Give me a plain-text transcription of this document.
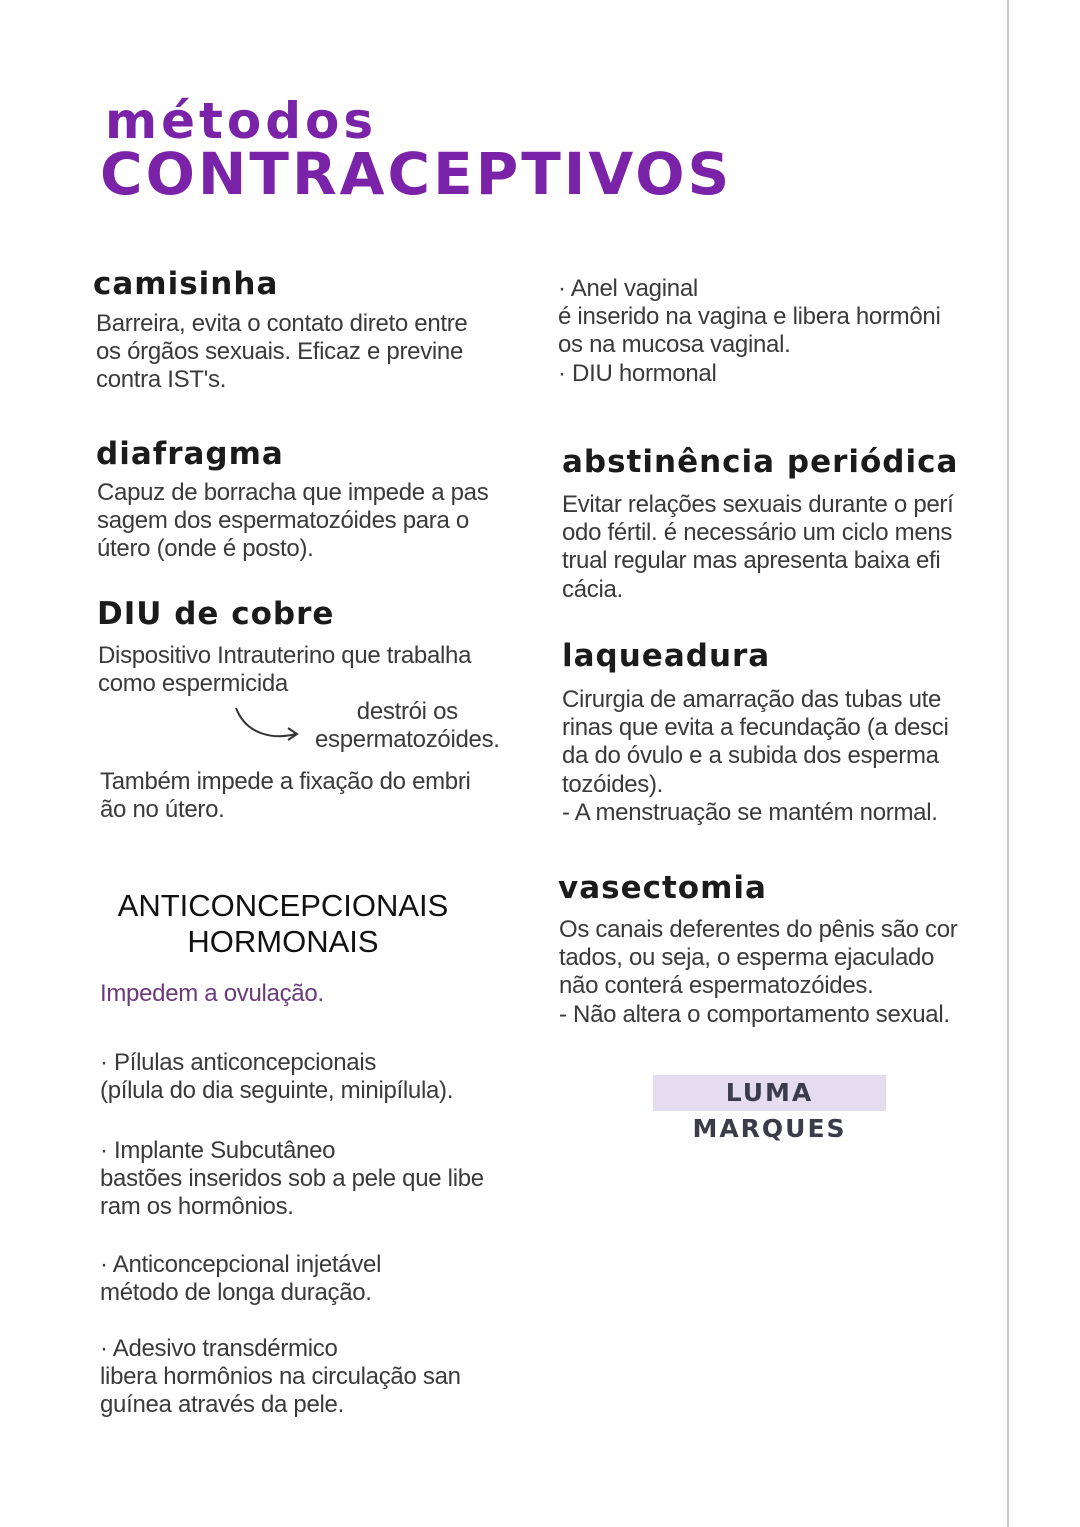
métodos
CONTRACEPTIVOS
camisinha
Barreira, evita o contato direto entre
os órgãos sexuais. Eficaz e previne
contra IST's.
· Anel vaginal
é inserido na vagina e libera hormôni
os na mucosa vaginal.
· DIU hormonal
diafragma
Capuz de borracha que impede a pas
sagem dos espermatozóides para o
útero (onde é posto).
abstinência periódica
Evitar relações sexuais durante o perí
odo fértil. é necessário um ciclo mens
trual regular mas apresenta baixa efi
cácia.
DIU de cobre
Dispositivo Intrauterino que trabalha
como espermicida
destrói os
espermatozóides.
Também impede a fixação do embri
ão no útero.
laqueadura
Cirurgia de amarração das tubas ute
rinas que evita a fecundação (a desci
da do óvulo e a subida dos esperma
tozóides).
- A menstruação se mantém normal.
ANTICONCEPCIONAIS
HORMONAIS
Impedem a ovulação.
· Pílulas anticoncepcionais
(pílula do dia seguinte, minipílula).
· Implante Subcutâneo
bastões inseridos sob a pele que libe
ram os hormônios.
· Anticoncepcional injetável
método de longa duração.
· Adesivo transdérmico
libera hormônios na circulação san
guínea através da pele.
vasectomia
Os canais deferentes do pênis são cor
tados, ou seja, o esperma ejaculado
não conterá espermatozóides.
- Não altera o comportamento sexual.
LUMA MARQUES
